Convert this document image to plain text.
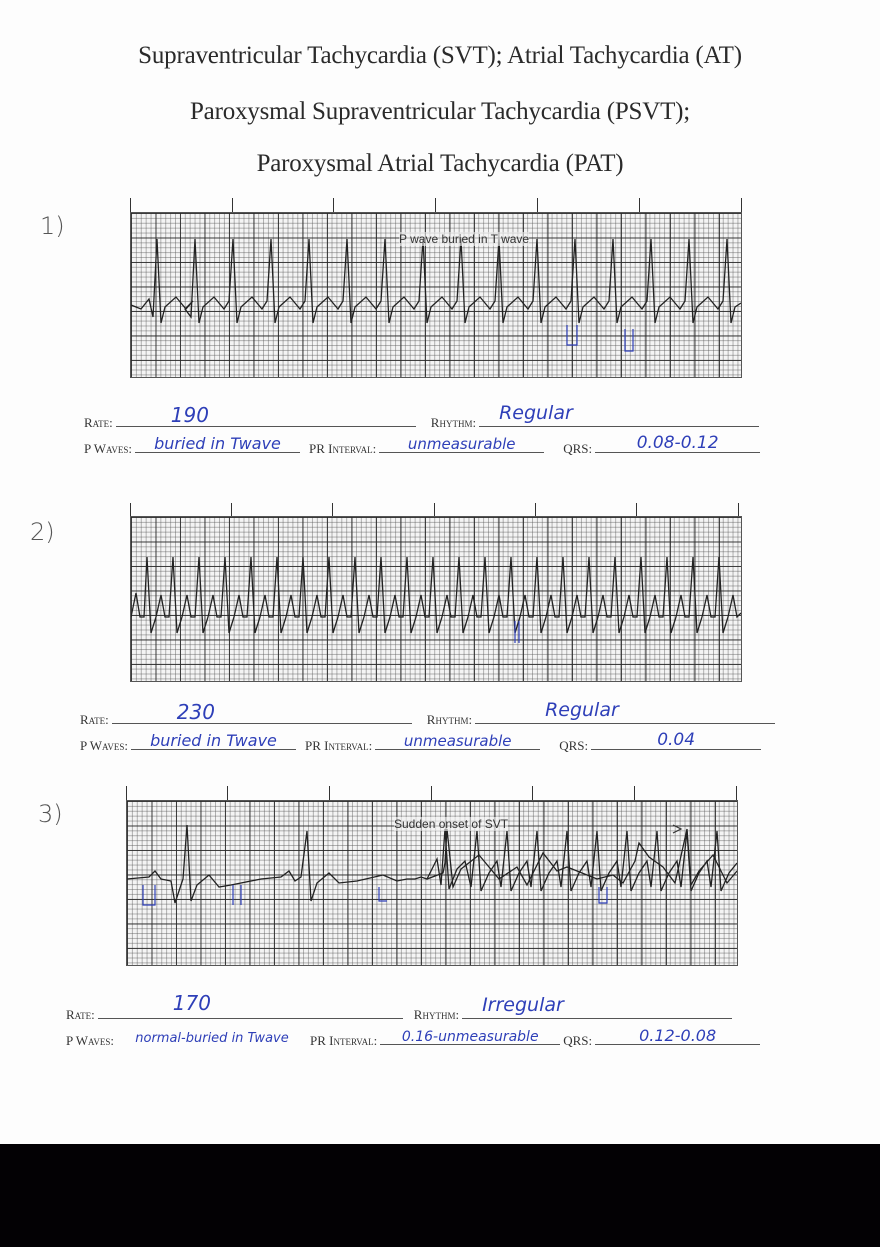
Supraventricular Tachycardia (SVT); Atrial Tachycardia (AT)
Paroxysmal Supraventricular Tachycardia (PSVT);
Paroxysmal Atrial Tachycardia (PAT)
1)	P wave buried in T wave
Rate:	190	Rhythm: Regular
P Waves:	buried in Twave	PR Interval:	unmeasurable	QRS:	0.08-0.12
2)
Rate:	230	Rhythm:	Regular
P Waves:	buried in Twave	PR Interval:	unmeasurable	QRS:	0.04
3)	Sudden onset of SVT
Rate:	170	Rhythm: Irregular
P Waves:	normal-buried in Twave	PR Interval:	0.16-unmeasurable	QRS:	0.12-0.08
